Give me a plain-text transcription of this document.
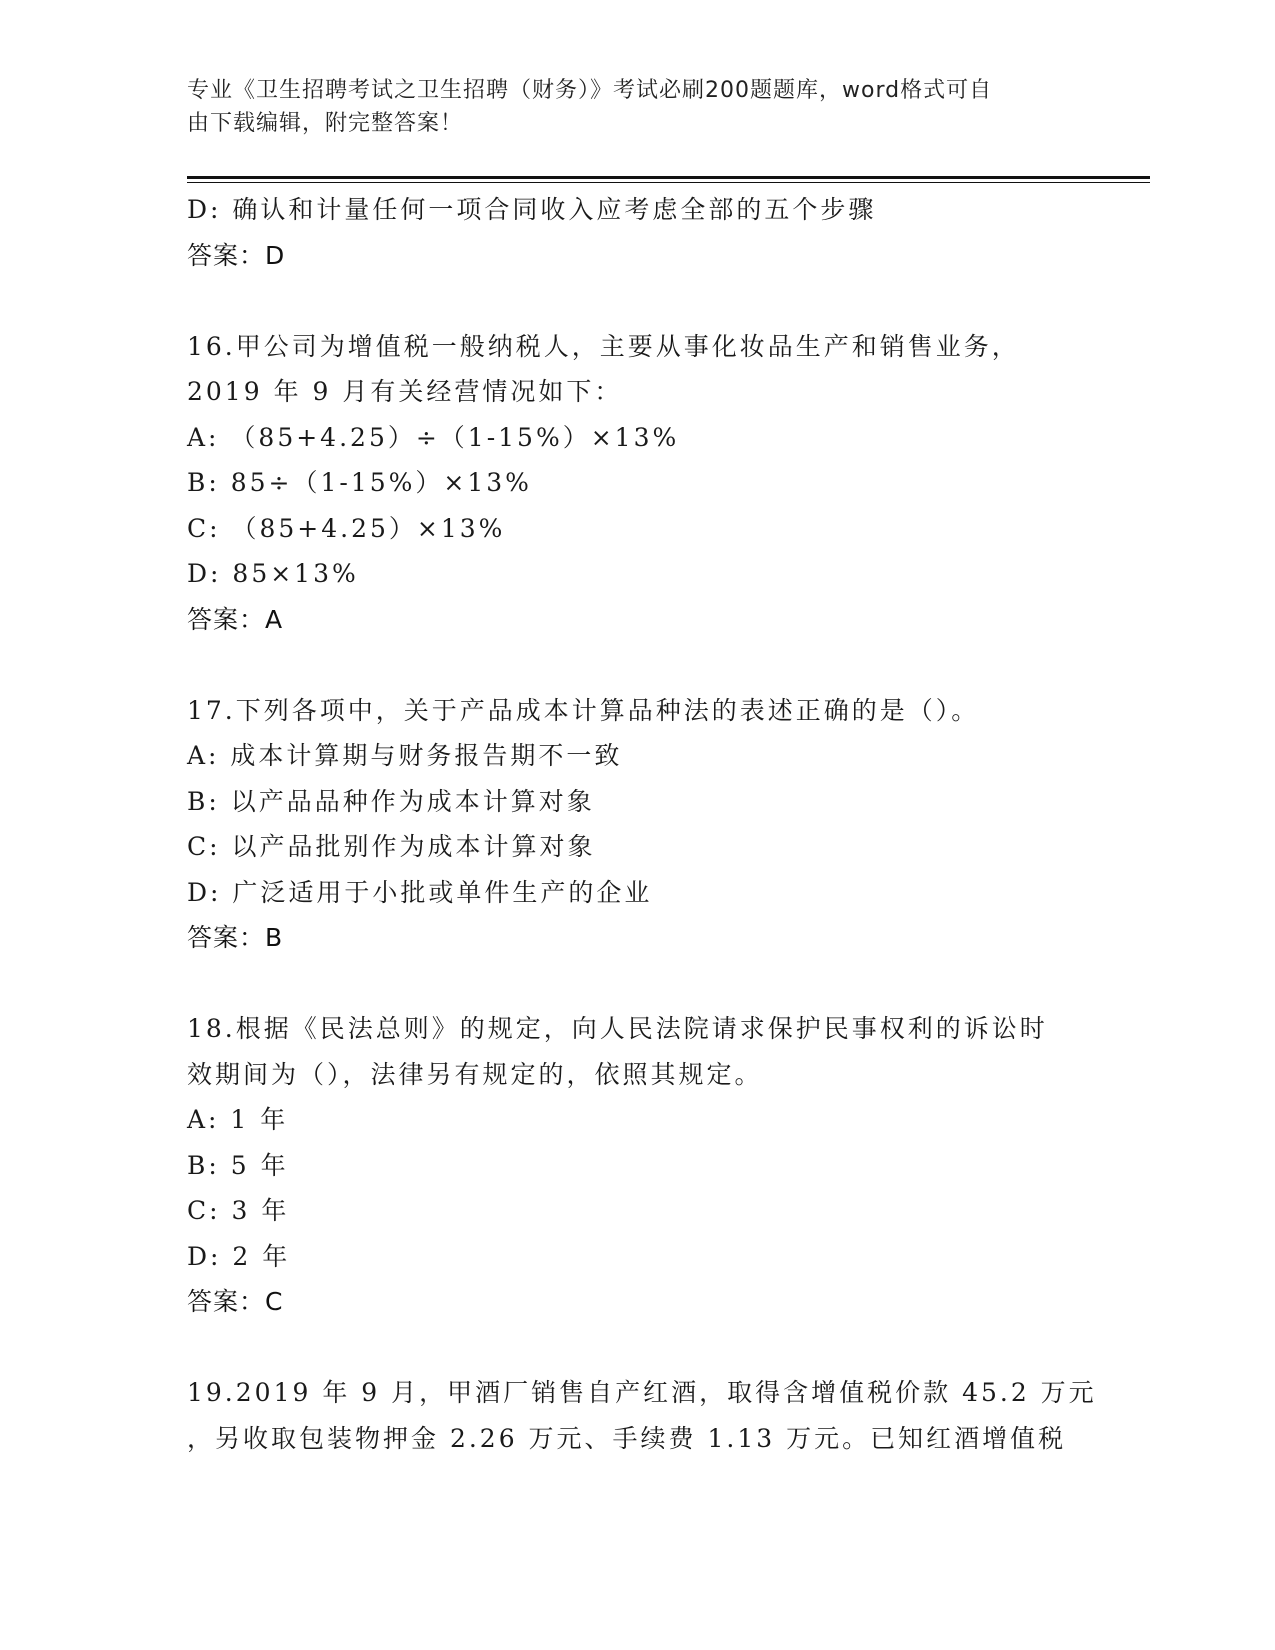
专业《卫生招聘考试之卫生招聘（财务）》考试必刷200题题库，word格式可自
由下载编辑，附完整答案！
D: 确认和计量任何一项合同收入应考虑全部的五个步骤
答案：D
16.甲公司为增值税一般纳税人，主要从事化妆品生产和销售业务，
2019 年 9 月有关经营情况如下：
A: （85+4.25）÷（1-15%）×13%
B: 85÷（1-15%）×13%
C: （85+4.25）×13%
D: 85×13%
答案：A
17.下列各项中，关于产品成本计算品种法的表述正确的是（）。
A: 成本计算期与财务报告期不一致
B: 以产品品种作为成本计算对象
C: 以产品批别作为成本计算对象
D: 广泛适用于小批或单件生产的企业
答案：B
18.根据《民法总则》的规定，向人民法院请求保护民事权利的诉讼时
效期间为（），法律另有规定的，依照其规定。
A: 1 年
B: 5 年
C: 3 年
D: 2 年
答案：C
19.2019 年 9 月，甲酒厂销售自产红酒，取得含增值税价款 45.2 万元
，另收取包装物押金 2.26 万元、手续费 1.13 万元。已知红酒增值税
